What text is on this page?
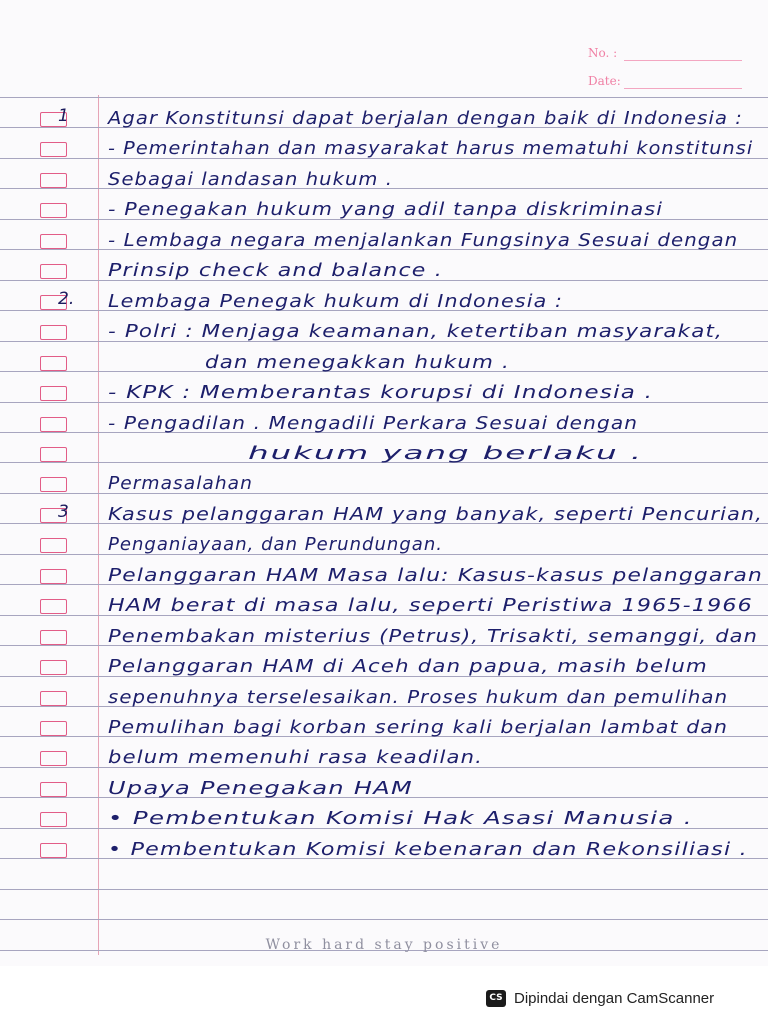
No. :
Date:
Agar Konstitunsi dapat berjalan dengan baik di Indonesia :
- Pemerintahan dan masyarakat harus mematuhi konstitunsi
Sebagai landasan hukum .
- Penegakan hukum yang adil tanpa diskriminasi
- Lembaga negara menjalankan Fungsinya Sesuai dengan
Prinsip check and balance .
Lembaga Penegak hukum di Indonesia :
- Polri : Menjaga keamanan, ketertiban masyarakat,
dan menegakkan hukum .
- KPK : Memberantas korupsi di Indonesia .
- Pengadilan . Mengadili Perkara Sesuai dengan
hukum yang berlaku .
Permasalahan
Kasus pelanggaran HAM yang banyak, seperti Pencurian,
Penganiayaan, dan Perundungan.
Pelanggaran HAM Masa lalu: Kasus-kasus pelanggaran
HAM berat di masa lalu, seperti Peristiwa 1965-1966
Penembakan misterius (Petrus), Trisakti, semanggi, dan
Pelanggaran HAM di Aceh dan papua, masih belum
sepenuhnya terselesaikan. Proses hukum dan pemulihan
Pemulihan bagi korban sering kali berjalan lambat dan
belum memenuhi rasa keadilan.
Upaya Penegakan HAM
• Pembentukan Komisi Hak Asasi Manusia .
• Pembentukan Komisi kebenaran dan Rekonsiliasi .
1
2.
3
Work hard stay positive
CS Dipindai dengan CamScanner
